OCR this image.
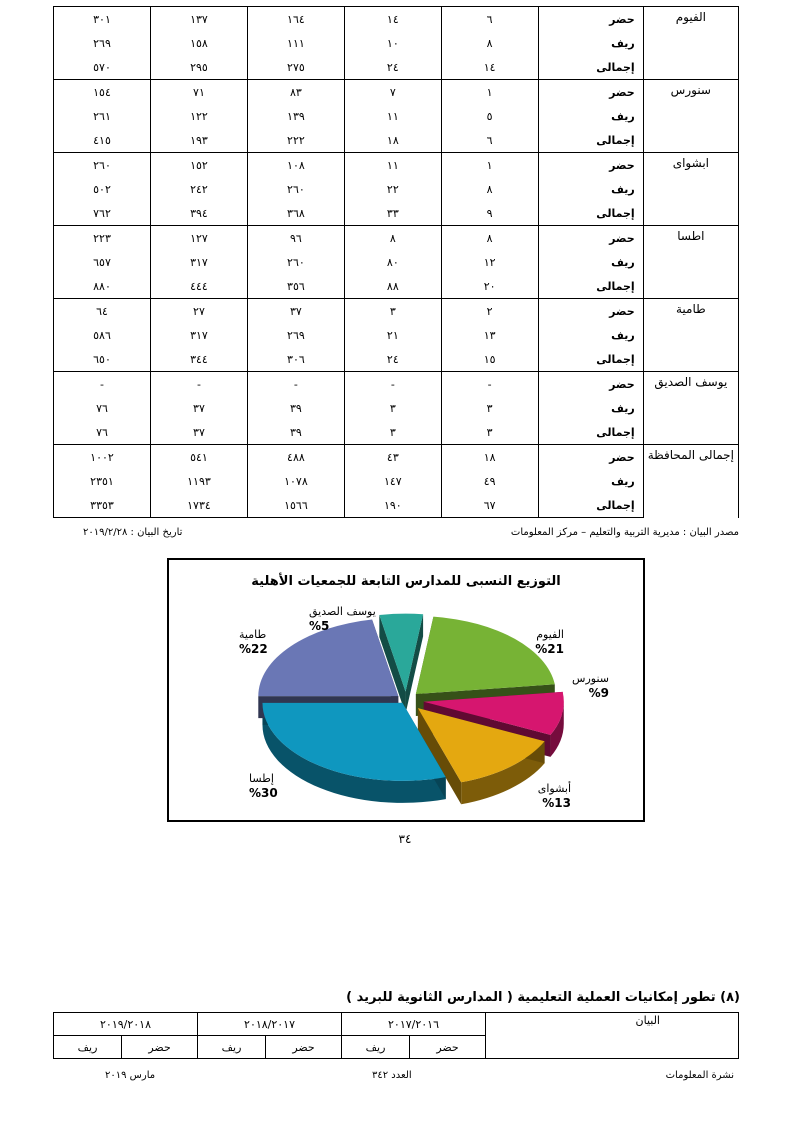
الفيوم	حضر	٦	١٤	١٦٤	١٣٧	٣٠١
	ريف	٨	١٠	١١١	١٥٨	٢٦٩
	إجمالى	١٤	٢٤	٢٧٥	٢٩٥	٥٧٠
سنورس	حضر	١	٧	٨٣	٧١	١٥٤
	ريف	٥	١١	١٣٩	١٢٢	٢٦١
	إجمالى	٦	١٨	٢٢٢	١٩٣	٤١٥
ابشواى	حضر	١	١١	١٠٨	١٥٢	٢٦٠
	ريف	٨	٢٢	٢٦٠	٢٤٢	٥٠٢
	إجمالى	٩	٣٣	٣٦٨	٣٩٤	٧٦٢
اطسا	حضر	٨	٨	٩٦	١٢٧	٢٢٣
	ريف	١٢	٨٠	٢٦٠	٣١٧	٦٥٧
	إجمالى	٢٠	٨٨	٣٥٦	٤٤٤	٨٨٠
طامية	حضر	٢	٣	٣٧	٢٧	٦٤
	ريف	١٣	٢١	٢٦٩	٣١٧	٥٨٦
	إجمالى	١٥	٢٤	٣٠٦	٣٤٤	٦٥٠
يوسف الصديق	حضر	-	-	-	-	-
	ريف	٣	٣	٣٩	٣٧	٧٦
	إجمالى	٣	٣	٣٩	٣٧	٧٦
إجمالى المحافظة	حضر	١٨	٤٣	٤٨٨	٥٤١	١٠٠٢
	ريف	٤٩	١٤٧	١٠٧٨	١١٩٣	٢٣٥١
	إجمالى	٦٧	١٩٠	١٥٦٦	١٧٣٤	٣٣٥٣
مصدر البيان : مديرية التربية والتعليم – مركز المعلومات
تاريخ البيان : ٢٠١٩/٢/٢٨
التوزيع النسبى للمدارس التابعة للجمعيات الأهلية
الفيوم
%21
سنورس
%9
أبشواى
%13
إطسا
%30
طامية
%22
يوسف الصديق
%5
٣٤
(٨) تطور إمكانيات العملية التعليمية ( المدارس الثانوية للبريد )
البيان	٢٠١٧/٢٠١٦		٢٠١٨/٢٠١٧		٢٠١٩/٢٠١٨	
	حضر	ريف	حضر	ريف	حضر	ريف
نشرة المعلومات
العدد ٣٤٢
مارس ٢٠١٩
